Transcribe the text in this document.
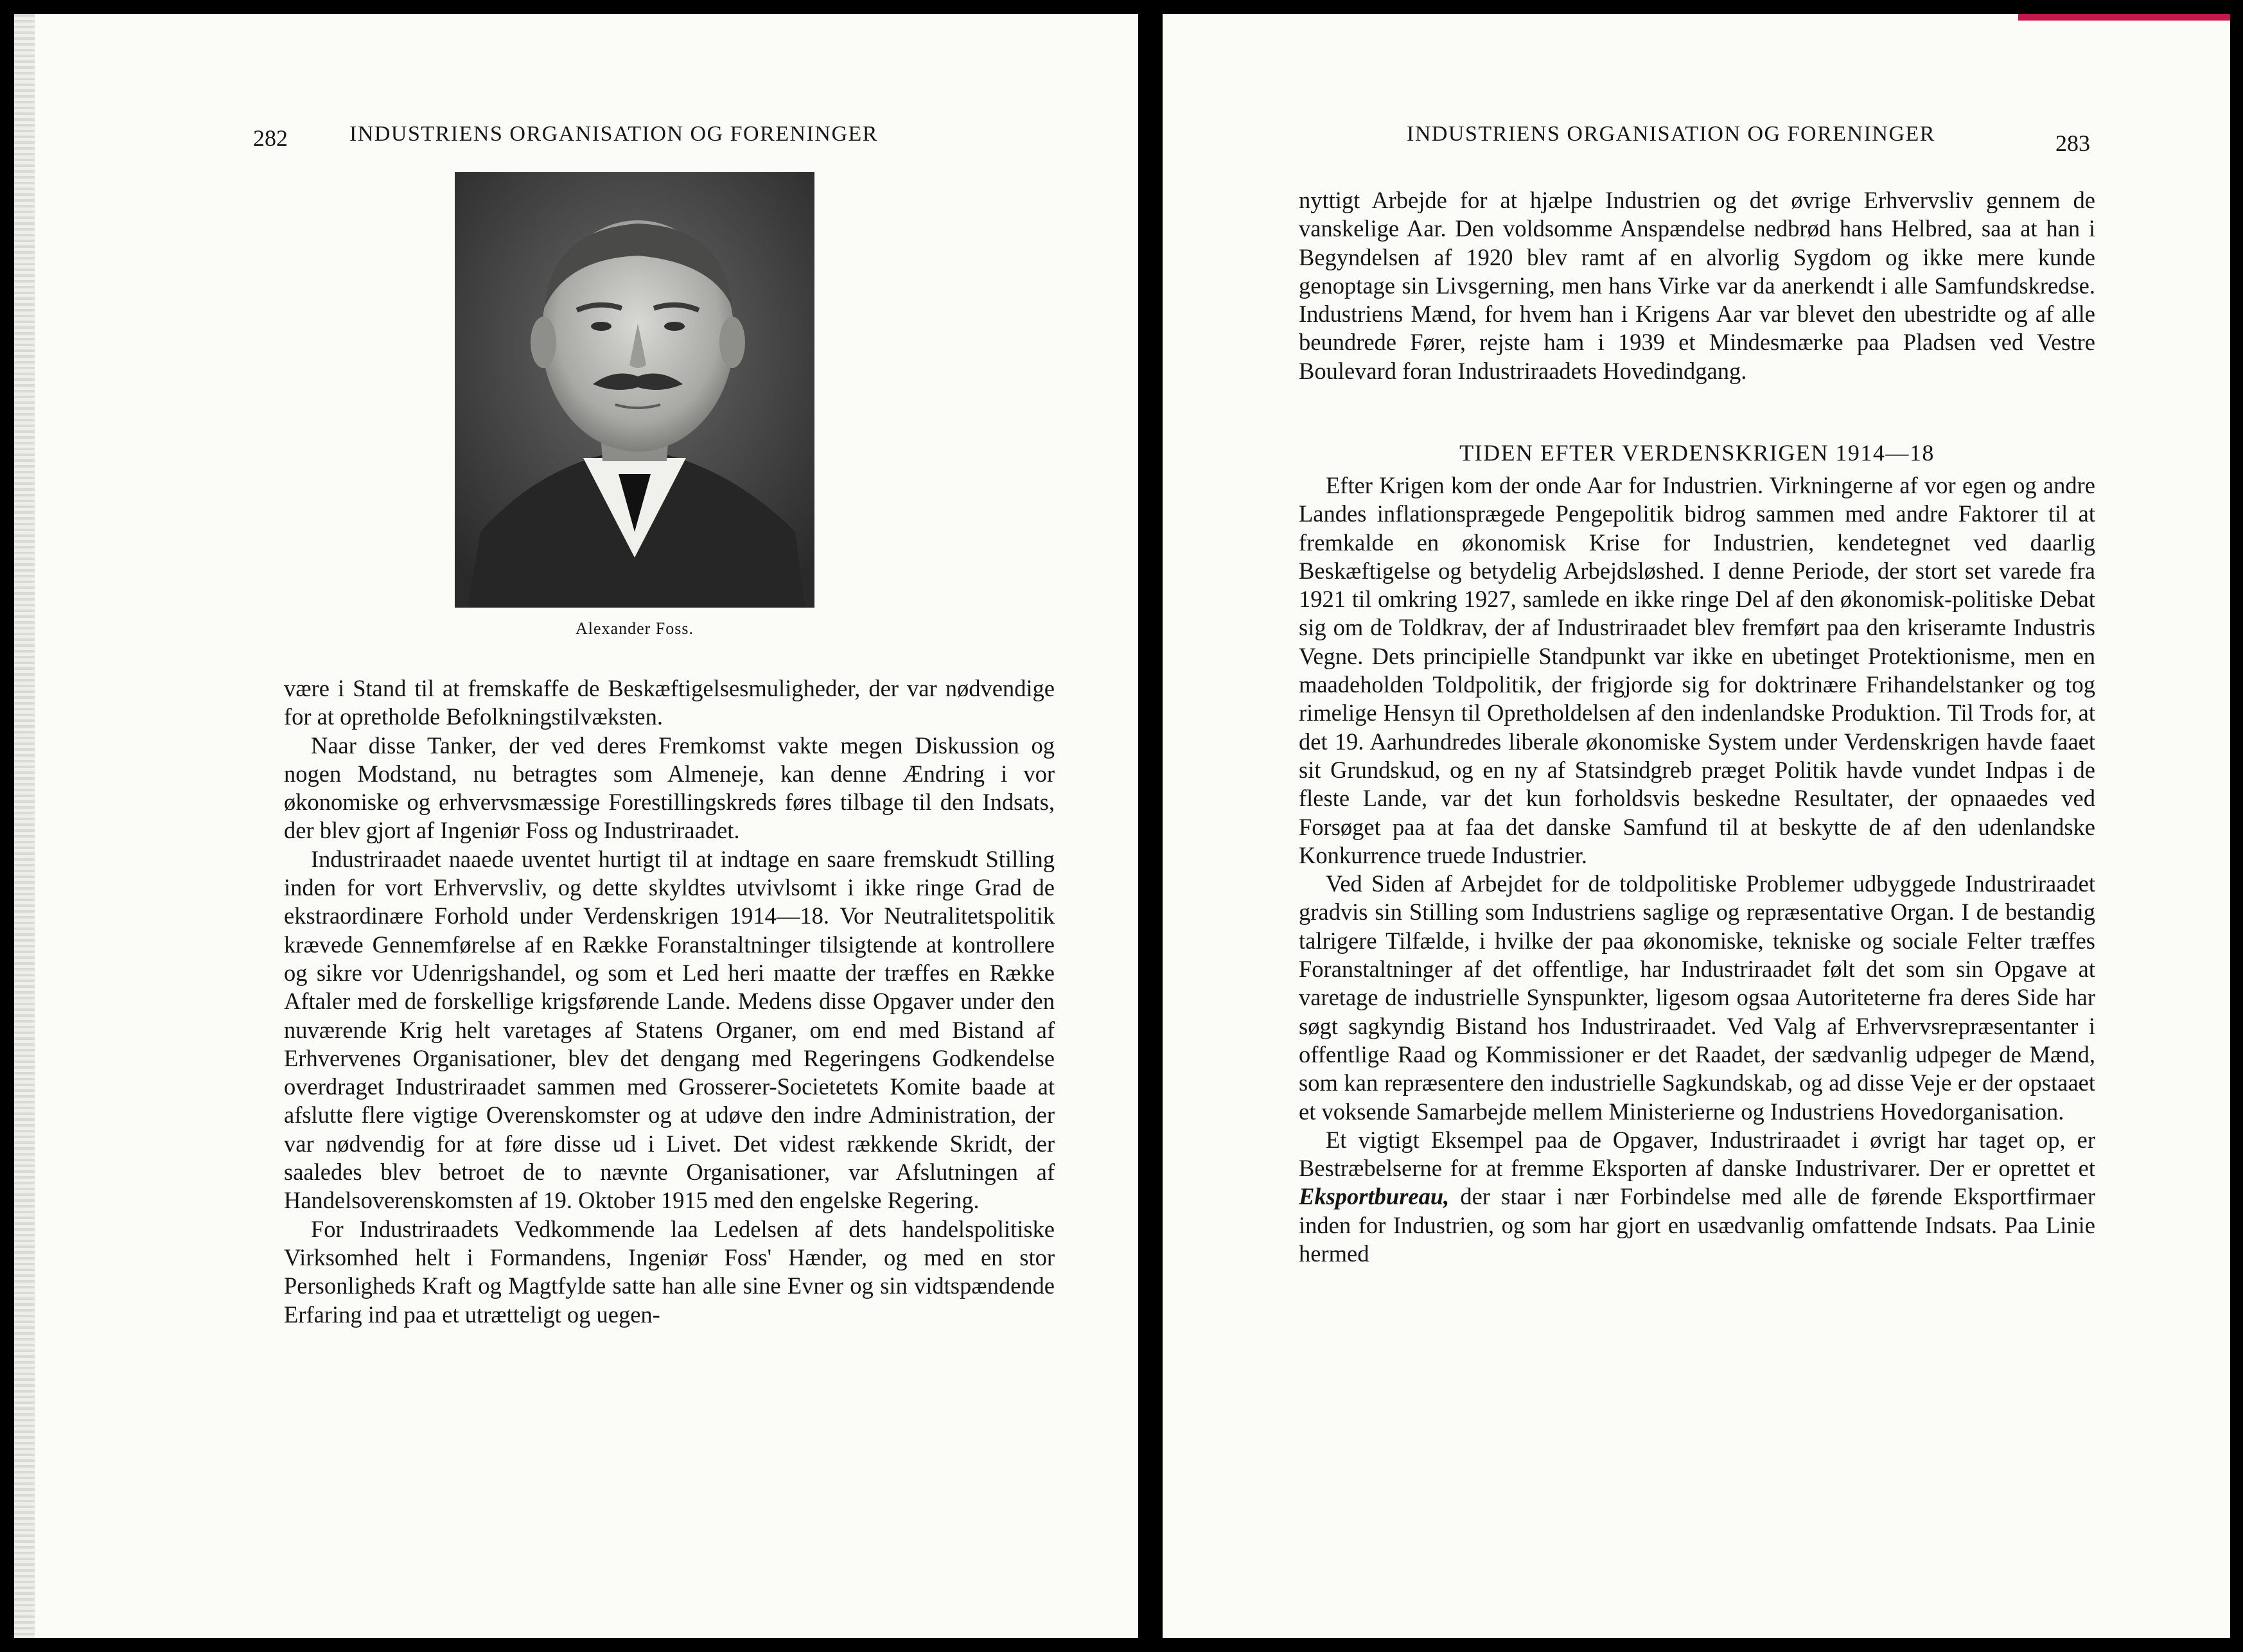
282	INDUSTRIENS ORGANISATION OG FORENINGER
Alexander Foss.

være i Stand til at fremskaffe de Beskæftigelsesmuligheder, der var nødvendige for at opretholde Befolkningstilvæksten.

Naar disse Tanker, der ved deres Fremkomst vakte megen Diskussion og nogen Modstand, nu betragtes som Almeneje, kan denne Ændring i vor økonomiske og erhvervsmæssige Forestillingskreds føres tilbage til den Indsats, der blev gjort af Ingeniør Foss og Industriraadet.

Industriraadet naaede uventet hurtigt til at indtage en saare fremskudt Stilling inden for vort Erhvervsliv, og dette skyldtes utvivlsomt i ikke ringe Grad de ekstraordinære Forhold under Verdenskrigen 1914—18. Vor Neutralitetspolitik krævede Gennemførelse af en Række Foranstaltninger tilsigtende at kontrollere og sikre vor Udenrigshandel, og som et Led heri maatte der træffes en Række Aftaler med de forskellige krigsførende Lande. Medens disse Opgaver under den nuværende Krig helt varetages af Statens Organer, om end med Bistand af Erhvervenes Organisationer, blev det dengang med Regeringens Godkendelse overdraget Industriraadet sammen med Grosserer-Societetets Komite baade at afslutte flere vigtige Overenskomster og at udøve den indre Administration, der var nødvendig for at føre disse ud i Livet. Det videst rækkende Skridt, der saaledes blev betroet de to nævnte Organisationer, var Afslutningen af Handelsoverenskomsten af 19. Oktober 1915 med den engelske Regering.

For Industriraadets Vedkommende laa Ledelsen af dets handelspolitiske Virksomhed helt i Formandens, Ingeniør Foss' Hænder, og med en stor Personligheds Kraft og Magtfylde satte han alle sine Evner og sin vidtspændende Erfaring ind paa et utrætteligt og uegen-

INDUSTRIENS ORGANISATION OG FORENINGER	283

nyttigt Arbejde for at hjælpe Industrien og det øvrige Erhvervsliv gennem de vanskelige Aar. Den voldsomme Anspændelse nedbrød hans Helbred, saa at han i Begyndelsen af 1920 blev ramt af en alvorlig Sygdom og ikke mere kunde genoptage sin Livsgerning, men hans Virke var da anerkendt i alle Samfundskredse. Industriens Mænd, for hvem han i Krigens Aar var blevet den ubestridte og af alle beundrede Fører, rejste ham i 1939 et Mindesmærke paa Pladsen ved Vestre Boulevard foran Industriraadets Hovedindgang.

TIDEN EFTER VERDENSKRIGEN 1914—18

Efter Krigen kom der onde Aar for Industrien. Virkningerne af vor egen og andre Landes inflationsprægede Pengepolitik bidrog sammen med andre Faktorer til at fremkalde en økonomisk Krise for Industrien, kendetegnet ved daarlig Beskæftigelse og betydelig Arbejdsløshed. I denne Periode, der stort set varede fra 1921 til omkring 1927, samlede en ikke ringe Del af den økonomisk-politiske Debat sig om de Toldkrav, der af Industriraadet blev fremført paa den kriseramte Industris Vegne. Dets principielle Standpunkt var ikke en ubetinget Protektionisme, men en maadeholden Toldpolitik, der frigjorde sig for doktrinære Frihandelstanker og tog rimelige Hensyn til Opretholdelsen af den indenlandske Produktion. Til Trods for, at det 19. Aarhundredes liberale økonomiske System under Verdenskrigen havde faaet sit Grundskud, og en ny af Statsindgreb præget Politik havde vundet Indpas i de fleste Lande, var det kun forholdsvis beskedne Resultater, der opnaaedes ved Forsøget paa at faa det danske Samfund til at beskytte de af den udenlandske Konkurrence truede Industrier.

Ved Siden af Arbejdet for de toldpolitiske Problemer udbyggede Industriraadet gradvis sin Stilling som Industriens saglige og repræsentative Organ. I de bestandig talrigere Tilfælde, i hvilke der paa økonomiske, tekniske og sociale Felter træffes Foranstaltninger af det offentlige, har Industriraadet følt det som sin Opgave at varetage de industrielle Synspunkter, ligesom ogsaa Autoriteterne fra deres Side har søgt sagkyndig Bistand hos Industriraadet. Ved Valg af Erhvervsrepræsentanter i offentlige Raad og Kommissioner er det Raadet, der sædvanlig udpeger de Mænd, som kan repræsentere den industrielle Sagkundskab, og ad disse Veje er der opstaaet et voksende Samarbejde mellem Ministerierne og Industriens Hovedorganisation.

Et vigtigt Eksempel paa de Opgaver, Industriraadet i øvrigt har taget op, er Bestræbelserne for at fremme Eksporten af danske Industrivarer. Der er oprettet et Eksportbureau, der staar i nær Forbindelse med alle de førende Eksportfirmaer inden for Industrien, og som har gjort en usædvanlig omfattende Indsats. Paa Linie hermed
